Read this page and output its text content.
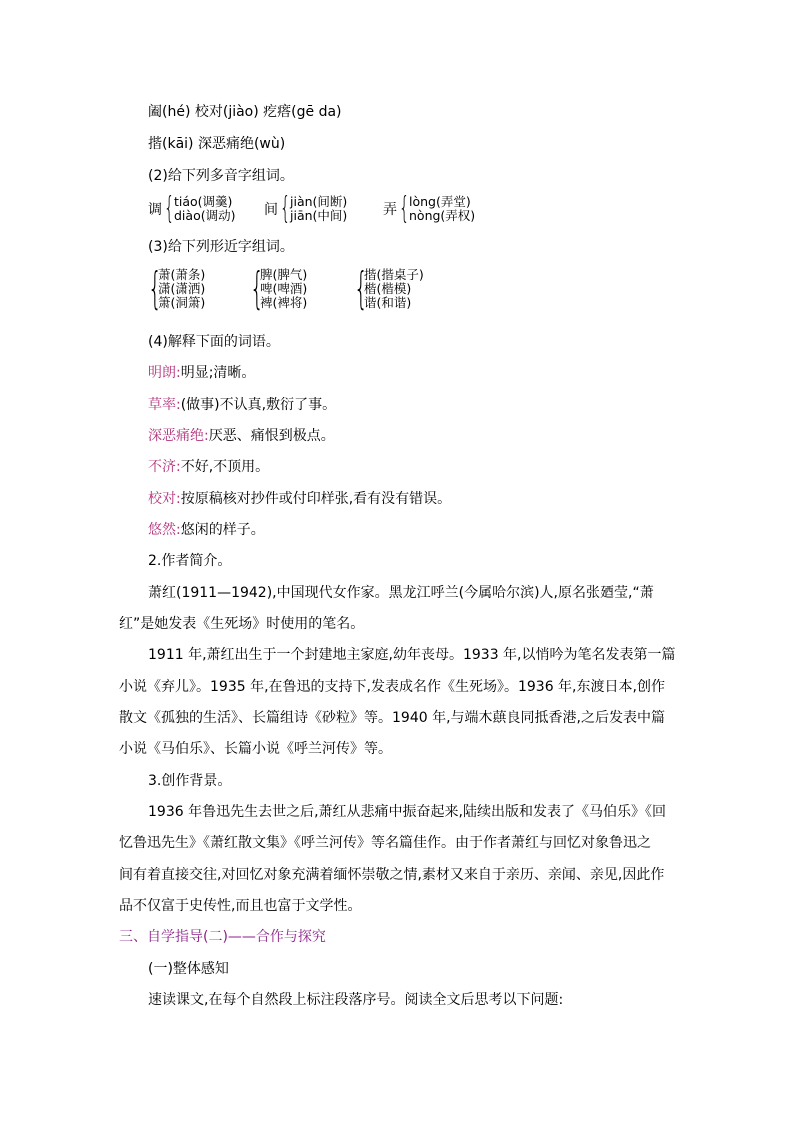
阖(hé) 校对(jiào) 疙瘩(gē da)
揩(kāi) 深恶痛绝(wù)
(2)给下列多音字组词。
调 { tiáo(调羹)
diào(调动) 间 { jiàn(间断)
jiān(中间)	弄 { lòng(弄堂)
nòng(弄权)
(3)给下列形近字组词。
{
萧(萧条)
潇(潇洒)
箫(洞箫) {
脾(脾气)
啤(啤酒)
裨(裨将) {
揩(揩桌子)
楷(楷模)
谐(和谐)
(4)解释下面的词语。
明朗:明显;清晰。
草率:(做事)不认真,敷衍了事。
深恶痛绝:厌恶、痛恨到极点。
不济:不好,不顶用。
校对:按原稿核对抄件或付印样张,看有没有错误。
悠然:悠闲的样子。
2.作者简介。
萧红(1911—1942),中国现代女作家。黑龙江呼兰(今属哈尔滨)人,原名张廼莹,“萧
红”是她发表《生死场》时使用的笔名。
1911 年,萧红出生于一个封建地主家庭,幼年丧母。1933 年,以悄吟为笔名发表第一篇
小说《弃儿》。1935 年,在鲁迅的支持下,发表成名作《生死场》。1936 年,东渡日本,创作
散文《孤独的生活》、长篇组诗《砂粒》等。1940 年,与端木蕻良同抵香港,之后发表中篇
小说《马伯乐》、长篇小说《呼兰河传》等。
3.创作背景。
1936 年鲁迅先生去世之后,萧红从悲痛中振奋起来,陆续出版和发表了《马伯乐》《回
忆鲁迅先生》《萧红散文集》《呼兰河传》等名篇佳作。由于作者萧红与回忆对象鲁迅之
间有着直接交往,对回忆对象充满着缅怀崇敬之情,素材又来自于亲历、亲闻、亲见,因此作
品不仅富于史传性,而且也富于文学性。
三、自学指导(二)——合作与探究
(一)整体感知
速读课文,在每个自然段上标注段落序号。阅读全文后思考以下问题:
